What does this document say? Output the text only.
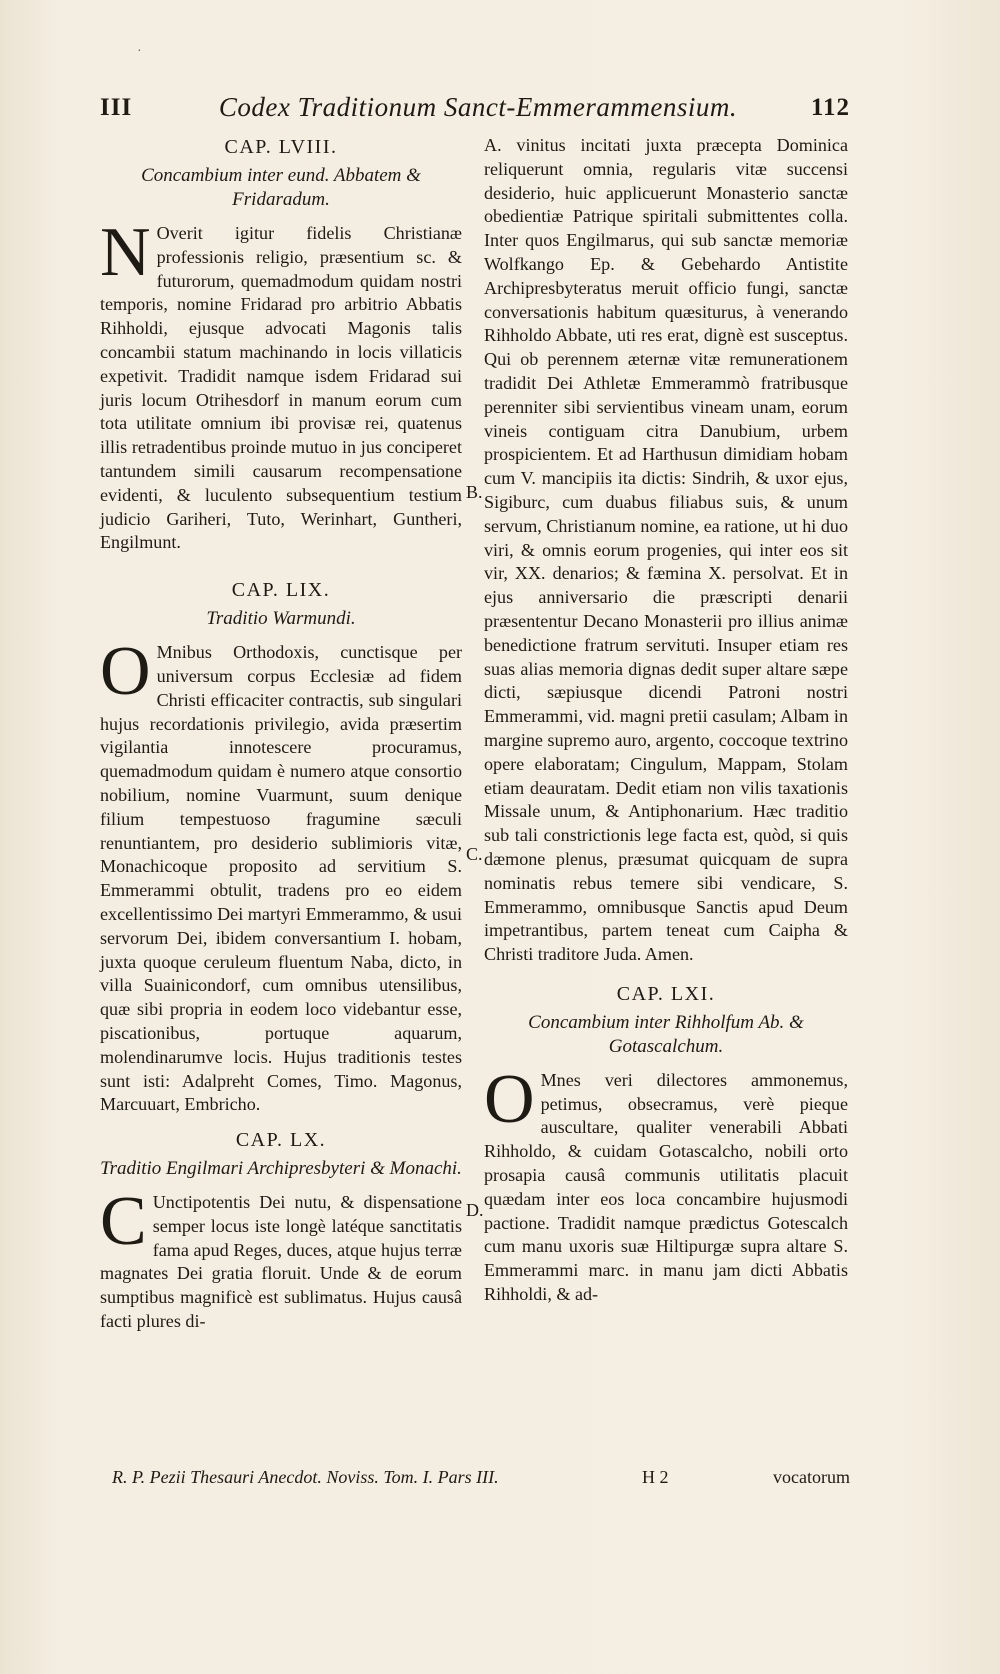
III	Codex Traditionum Sanct-Emmerammensium.	112
·
CAP. LVIII.
Concambium inter eund. Abbatem & Fridaradum.

N Overit igitur fidelis Christianæ professionis religio, præsentium sc. & futurorum, quemadmodum quidam nostri temporis, nomine Fridarad pro arbitrio Abbatis Rihholdi, ejusque advocati Magonis talis concambii statum machinando in locis villaticis expetivit. Tradidit namque isdem Fridarad sui juris locum Otrihesdorf in manum eorum cum tota utilitate omnium ibi provisæ rei, quatenus illis retradentibus proinde mutuo in jus conciperet tantundem simili causarum recompensatione evidenti, & luculento subsequentium testium judicio Gariheri, Tuto, Werinhart, Guntheri, Engilmunt.

CAP. LIX.
Traditio Warmundi.

O Mnibus Orthodoxis, cunctisque per universum corpus Ecclesiæ ad fidem Christi efficaciter contractis, sub singulari hujus recordationis privilegio, avida præsertim vigilantia innotescere procuramus, quemadmodum quidam è numero atque consortio nobilium, nomine Vuarmunt, suum denique filium tempestuoso fragumine sæculi renuntiantem, pro desiderio sublimioris vitæ, Monachicoque proposito ad servitium S. Emmerammi obtulit, tradens pro eo eidem excellentissimo Dei martyri Emmerammo, & usui servorum Dei, ibidem conversantium I. hobam, juxta quoque ceruleum fluentum Naba, dicto, in villa Suainicondorf, cum omnibus utensilibus, quæ sibi propria in eodem loco videbantur esse, piscationibus, portuque aquarum, molendinarumve locis. Hujus traditionis testes sunt isti: Adalpreht Comes, Timo. Magonus, Marcuuart, Embricho.

CAP. LX.
Traditio Engilmari Archipresbyteri & Monachi.

C Unctipotentis Dei nutu, & dispensatione semper locus iste longè latéque sanctitatis fama apud Reges, duces, atque hujus terræ magnates Dei gratia floruit. Unde & de eorum sumptibus magnificè est sublimatus. Hujus causâ facti plures di-

B.
C.
D.

A. vinitus incitati juxta præcepta Dominica reliquerunt omnia, regularis vitæ succensi desiderio, huic applicuerunt Monasterio sanctæ obedientiæ Patrique spiritali submittentes colla. Inter quos Engilmarus, qui sub sanctæ memoriæ Wolfkango Ep. & Gebehardo Antistite Archipresbyteratus meruit officio fungi, sanctæ conversationis habitum quæsiturus, à venerando Rihholdo Abbate, uti res erat, dignè est susceptus. Qui ob perennem æternæ vitæ remunerationem tradidit Dei Athletæ Emmerammò fratribusque perenniter sibi servientibus vineam unam, eorum vineis contiguam citra Danubium, urbem prospicientem. Et ad Harthusun dimidiam hobam cum V. mancipiis ita dictis: Sindrih, & uxor ejus, Sigiburc, cum duabus filiabus suis, & unum servum, Christianum nomine, ea ratione, ut hi duo viri, & omnis eorum progenies, qui inter eos sit vir, XX. denarios; & fæmina X. persolvat. Et in ejus anniversario die præscripti denarii præsententur Decano Monasterii pro illius animæ benedictione fratrum servituti. Insuper etiam res suas alias memoria dignas dedit super altare sæpe dicti, sæpiusque dicendi Patroni nostri Emmerammi, vid. magni pretii casulam; Albam in margine supremo auro, argento, coccoque textrino opere elaboratam; Cingulum, Mappam, Stolam etiam deauratam. Dedit etiam non vilis taxationis Missale unum, & Antiphonarium. Hæc traditio sub tali constrictionis lege facta est, quòd, si quis dæmone plenus, præsumat quicquam de supra nominatis rebus temere sibi vendicare, S. Emmerammo, omnibusque Sanctis apud Deum impetrantibus, partem teneat cum Caipha & Christi traditore Juda. Amen.

CAP. LXI.
Concambium inter Rihholfum Ab. & Gotascalchum.

O Mnes veri dilectores ammonemus, petimus, obsecramus, verè pieque auscultare, qualiter venerabili Abbati Rihholdo, & cuidam Gotascalcho, nobili orto prosapia causâ communis utilitatis placuit quædam inter eos loca concambire hujusmodi pactione. Tradidit namque prædictus Gotescalch cum manu uxoris suæ Hiltipurgæ supra altare S. Emmerammi marc. in manu jam dicti Abbatis Rihholdi, & ad-

R. P. Pezii Thesauri Anecdot. Noviss. Tom. I. Pars III.	H 2	vocatorum
